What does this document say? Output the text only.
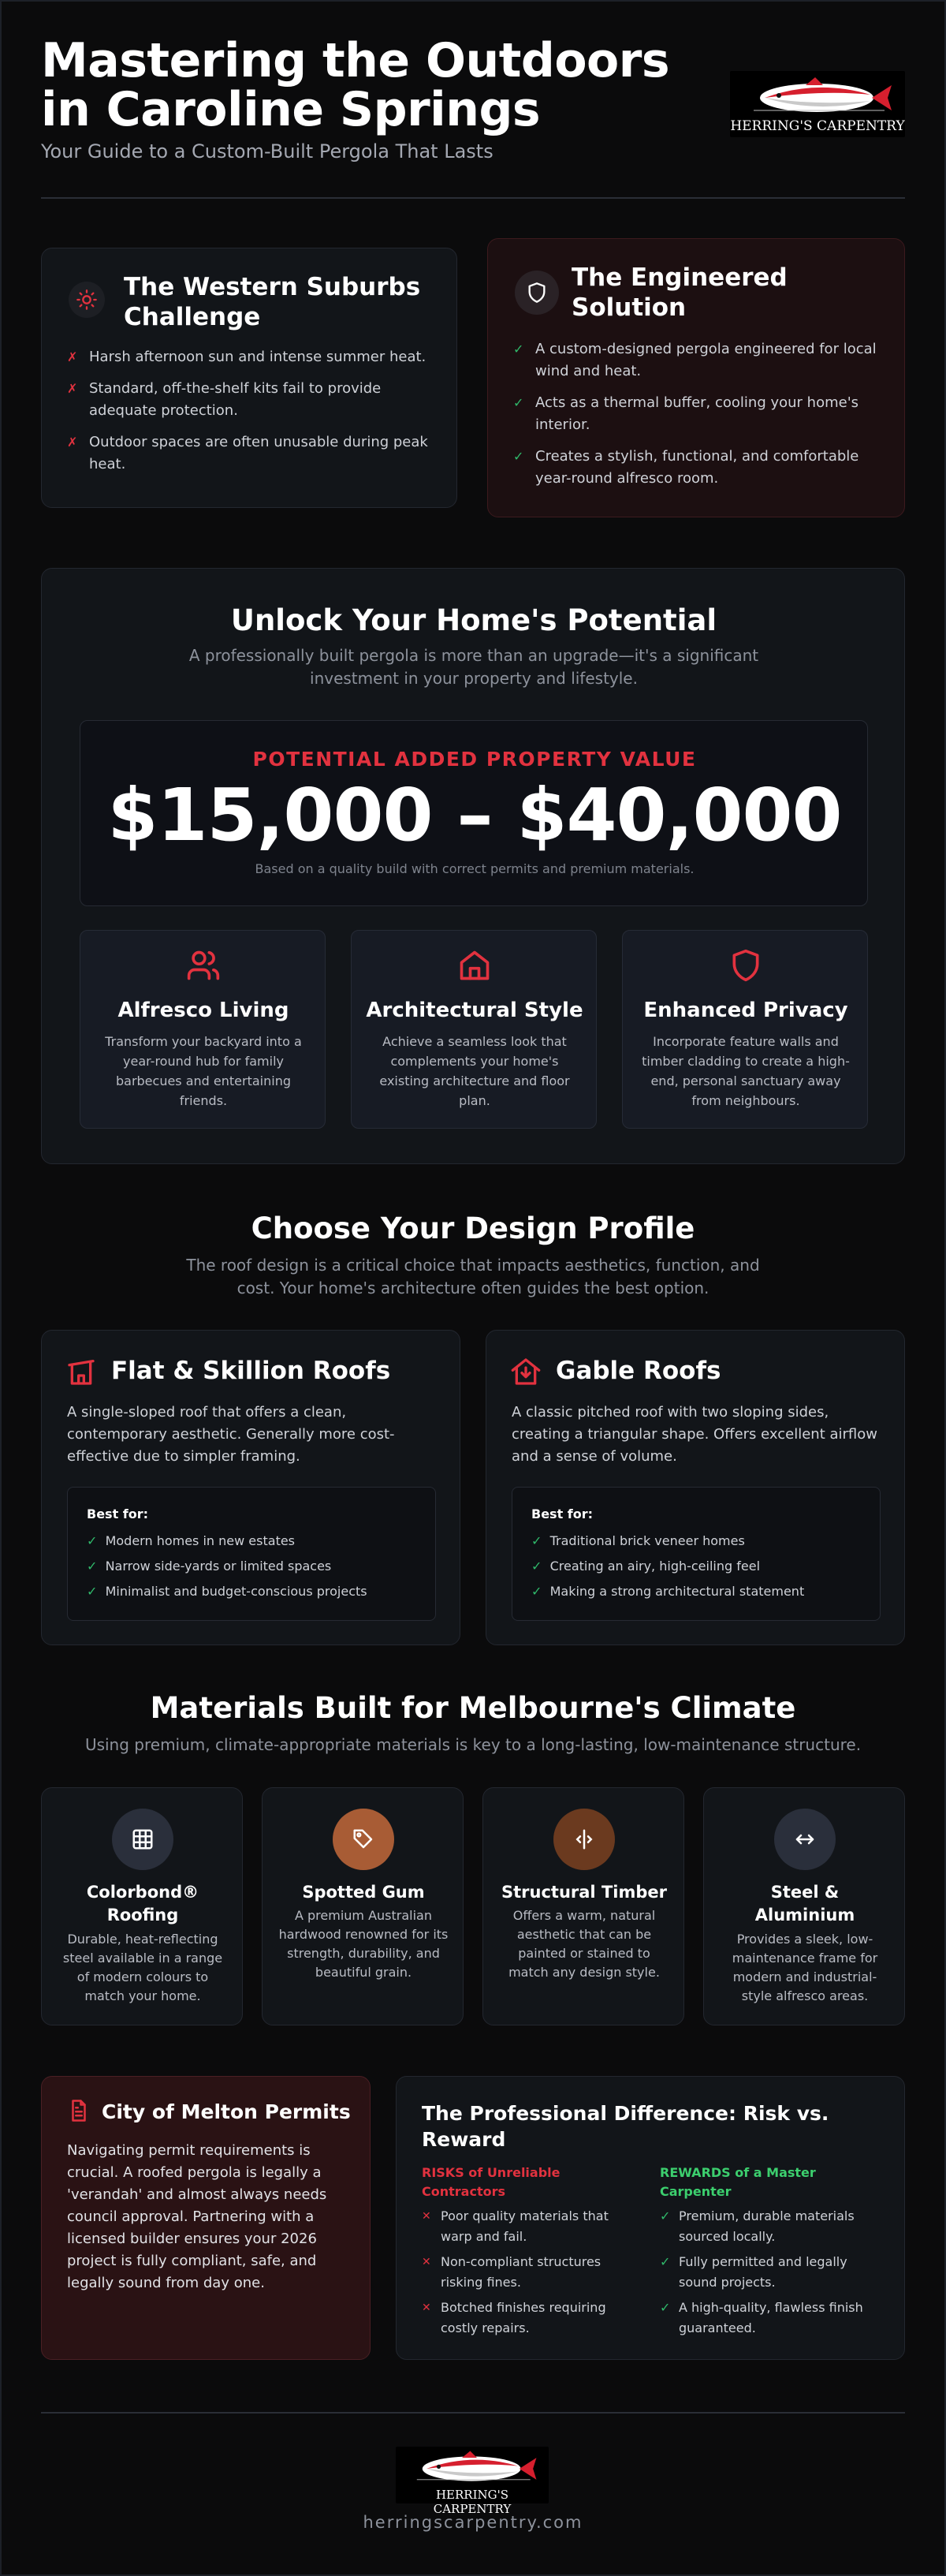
Mastering the Outdoors in Caroline Springs
Your Guide to a Custom-Built Pergola That Lasts
HERRING'S CARPENTRY
The Western Suburbs Challenge
✗ Harsh afternoon sun and intense summer heat.
✗ Standard, off-the-shelf kits fail to provide adequate protection.
✗ Outdoor spaces are often unusable during peak heat.
The Engineered Solution
✓ A custom-designed pergola engineered for local wind and heat.
✓ Acts as a thermal buffer, cooling your home's interior.
✓ Creates a stylish, functional, and comfortable year-round alfresco room.
Unlock Your Home's Potential
A professionally built pergola is more than an upgrade—it's a significant investment in your property and lifestyle.
POTENTIAL ADDED PROPERTY VALUE
$15,000 – $40,000
Based on a quality build with correct permits and premium materials.
Alfresco Living
Transform your backyard into a year-round hub for family barbecues and entertaining friends.
Architectural Style
Achieve a seamless look that complements your home's existing architecture and floor plan.
Enhanced Privacy
Incorporate feature walls and timber cladding to create a high-end, personal sanctuary away from neighbours.
Choose Your Design Profile
The roof design is a critical choice that impacts aesthetics, function, and cost. Your home's architecture often guides the best option.
Flat & Skillion Roofs
A single-sloped roof that offers a clean, contemporary aesthetic. Generally more cost-effective due to simpler framing.
Best for:
✓ Modern homes in new estates
✓ Narrow side-yards or limited spaces
✓ Minimalist and budget-conscious projects
Gable Roofs
A classic pitched roof with two sloping sides, creating a triangular shape. Offers excellent airflow and a sense of volume.
Best for:
✓ Traditional brick veneer homes
✓ Creating an airy, high-ceiling feel
✓ Making a strong architectural statement
Materials Built for Melbourne's Climate
Using premium, climate-appropriate materials is key to a long-lasting, low-maintenance structure.
Colorbond® Roofing
Durable, heat-reflecting steel available in a range of modern colours to match your home.
Spotted Gum
A premium Australian hardwood renowned for its strength, durability, and beautiful grain.
Structural Timber
Offers a warm, natural aesthetic that can be painted or stained to match any design style.
Steel & Aluminium
Provides a sleek, low-maintenance frame for modern and industrial-style alfresco areas.
City of Melton Permits
Navigating permit requirements is crucial. A roofed pergola is legally a 'verandah' and almost always needs council approval. Partnering with a licensed builder ensures your 2026 project is fully compliant, safe, and legally sound from day one.
The Professional Difference: Risk vs. Reward
RISKS of Unreliable Contractors
✕ Poor quality materials that warp and fail.
✕ Non-compliant structures risking fines.
✕ Botched finishes requiring costly repairs.
REWARDS of a Master Carpenter
✓ Premium, durable materials sourced locally.
✓ Fully permitted and legally sound projects.
✓ A high-quality, flawless finish guaranteed.
HERRING'S CARPENTRY
herringscarpentry.com
